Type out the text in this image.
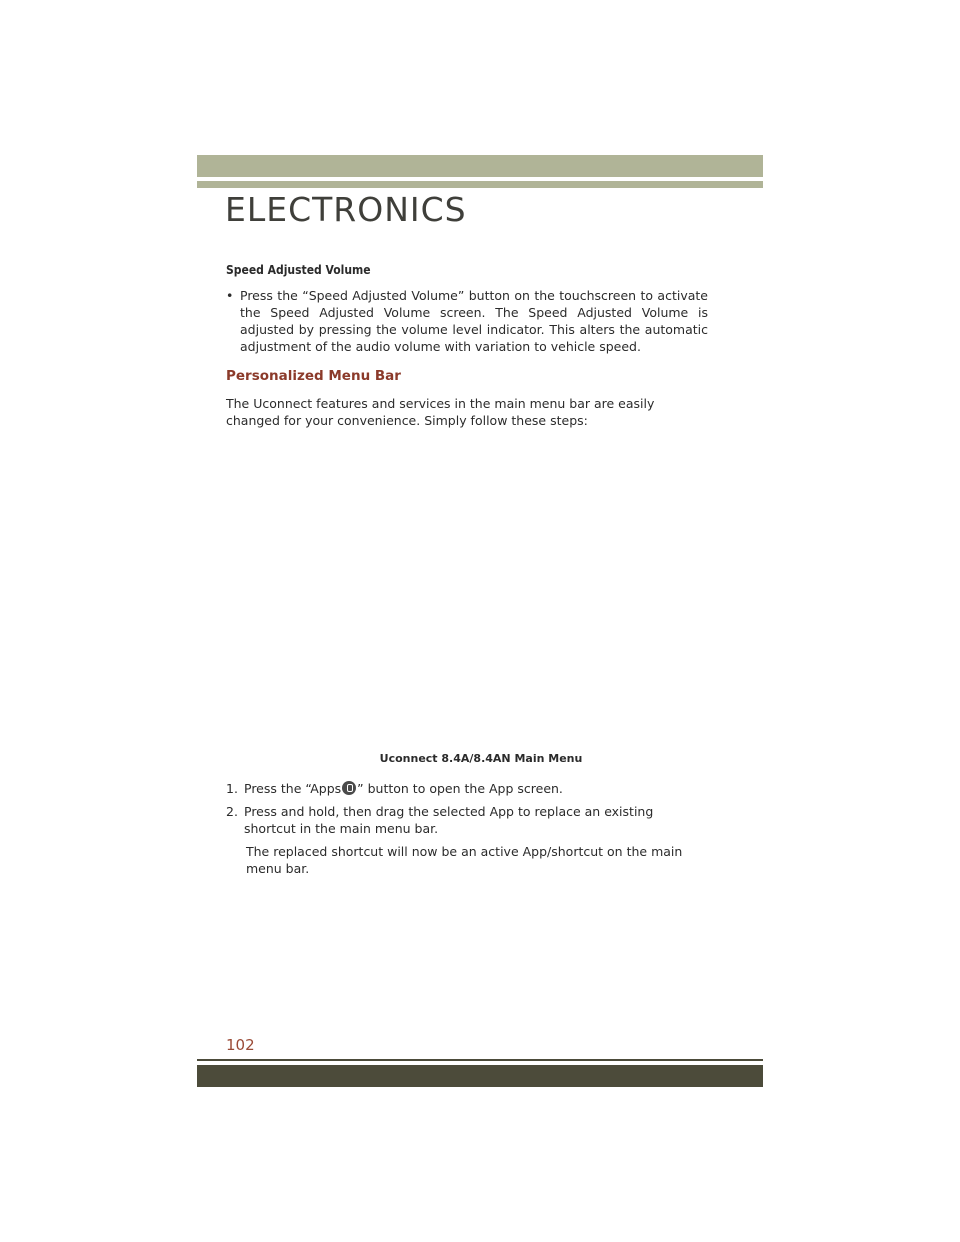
ELECTRONICS

Speed Adjusted Volume

• Press the “Speed Adjusted Volume” button on the touchscreen to activate the Speed Adjusted Volume screen. The Speed Adjusted Volume is adjusted by pressing the volume level indicator. This alters the automatic adjustment of the audio volume with variation to vehicle speed.

Personalized Menu Bar

The Uconnect features and services in the main menu bar are easily changed for your convenience. Simply follow these steps:

Uconnect 8.4A/8.4AN Main Menu
1. Press the “Apps ” button to open the App screen.
2. Press and hold, then drag the selected App to replace an existing shortcut in the main menu bar.

The replaced shortcut will now be an active App/shortcut on the main menu bar.

102
